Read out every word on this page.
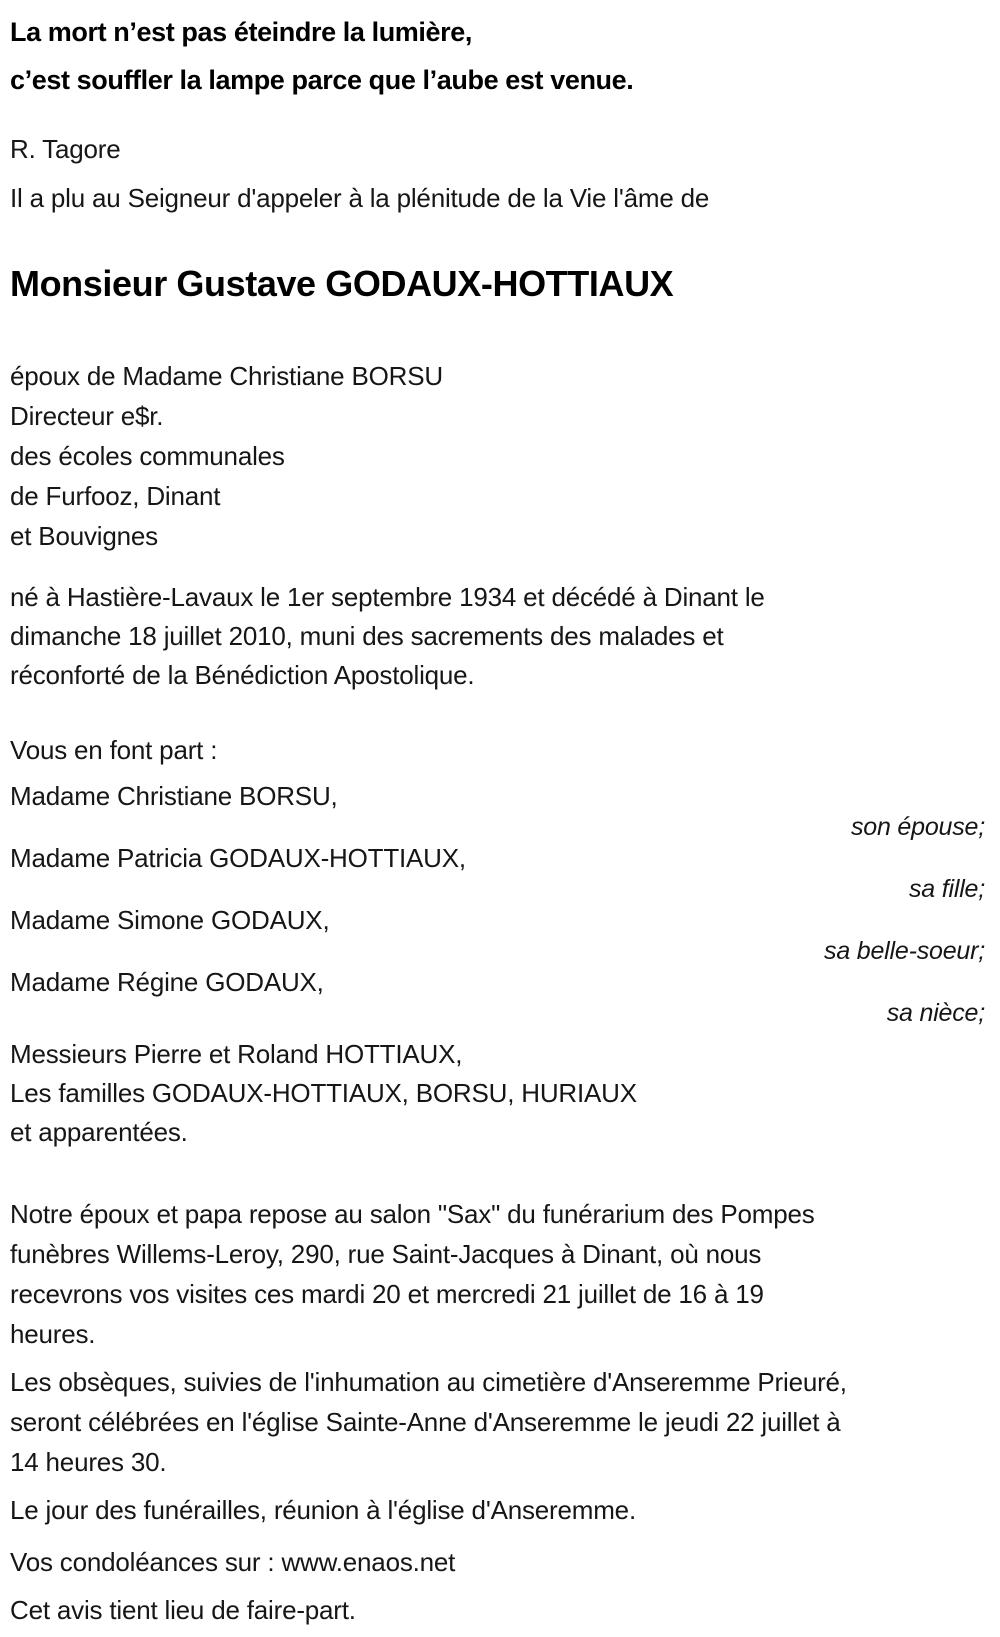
La mort n’est pas éteindre la lumière,
c’est souffler la lampe parce que l’aube est venue.
R. Tagore
Il a plu au Seigneur d'appeler à la plénitude de la Vie l'âme de
Monsieur Gustave GODAUX-HOTTIAUX
époux de Madame Christiane BORSU
Directeur e$r.
des écoles communales
de Furfooz, Dinant
et Bouvignes
né à Hastière-Lavaux le 1er septembre 1934 et décédé à Dinant le
dimanche 18 juillet 2010, muni des sacrements des malades et
réconforté de la Bénédiction Apostolique.
Vous en font part :
Madame Christiane BORSU,
son épouse;
Madame Patricia GODAUX-HOTTIAUX,
sa fille;
Madame Simone GODAUX,
sa belle-soeur;
Madame Régine GODAUX,
sa nièce;
Messieurs Pierre et Roland HOTTIAUX,
Les familles GODAUX-HOTTIAUX, BORSU, HURIAUX
et apparentées.
Notre époux et papa repose au salon "Sax" du funérarium des Pompes
funèbres Willems-Leroy, 290, rue Saint-Jacques à Dinant, où nous
recevrons vos visites ces mardi 20 et mercredi 21 juillet de 16 à 19
heures.
Les obsèques, suivies de l'inhumation au cimetière d'Anseremme Prieuré,
seront célébrées en l'église Sainte-Anne d'Anseremme le jeudi 22 juillet à
14 heures 30.
Le jour des funérailles, réunion à l'église d'Anseremme.
Vos condoléances sur : www.enaos.net
Cet avis tient lieu de faire-part.
